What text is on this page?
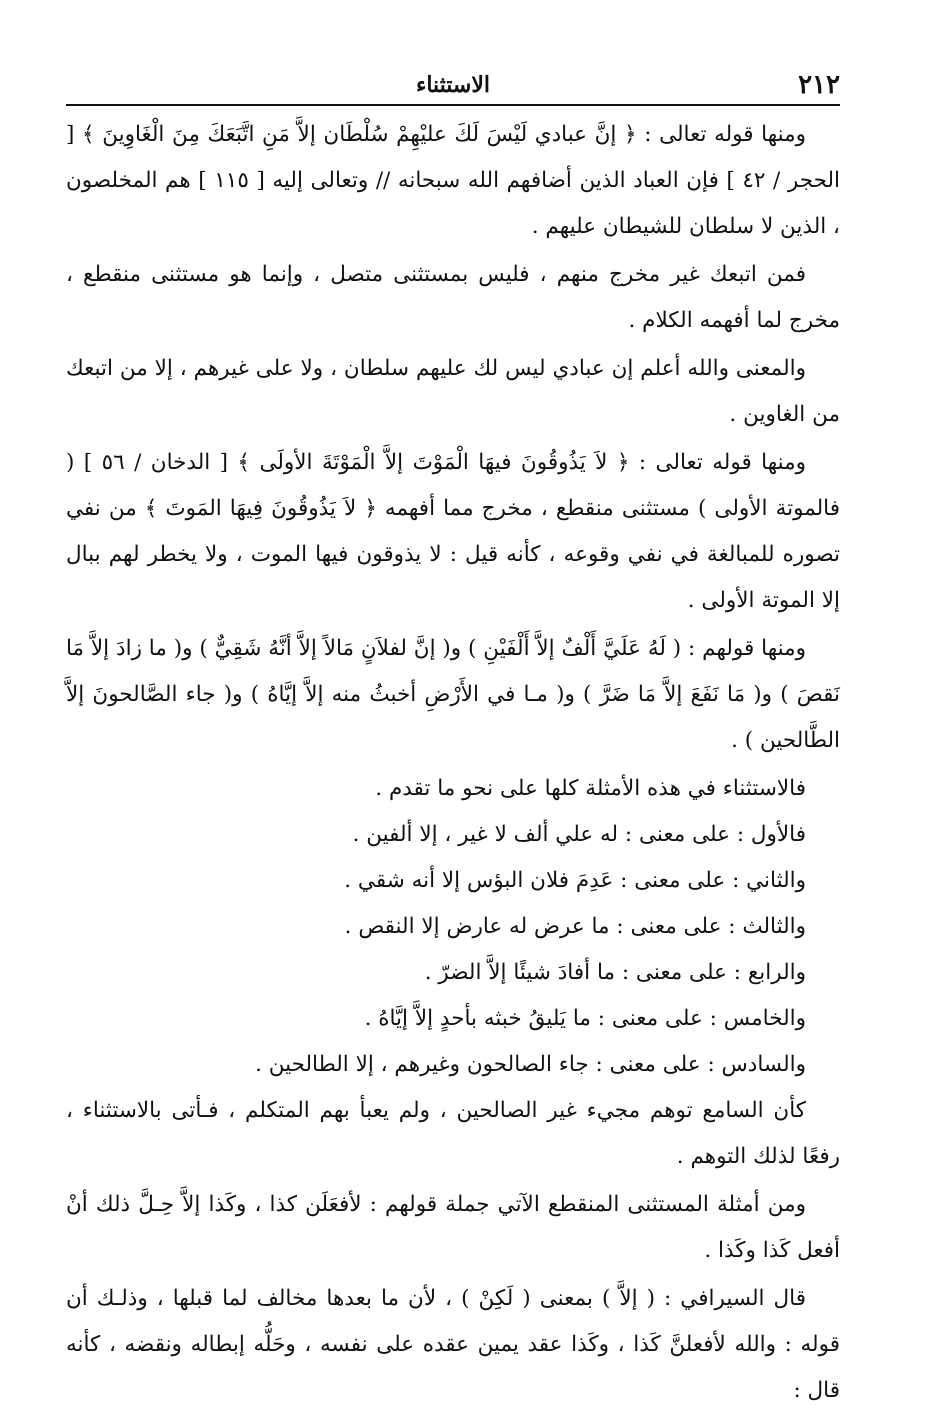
٢١٢
الاستثناء

ومنها قوله تعالى : ﴿ إنَّ عبادي لَيْسَ لَكَ عليْهِمْ سُلْطَان إلاَّ مَنِ اتَّبَعَكَ مِنَ الْغَاوِينَ ﴾ [ الحجر / ٤٢ ] فإن العباد الذين أضافهم الله سبحانه // وتعالى إليه [ ١١٥ ] هم المخلصون ، الذين لا سلطان للشيطان عليهم .

فمن اتبعك غير مخرج منهم ، فليس بمستثنى متصل ، وإنما هو مستثنى منقطع ، مخرج لما أفهمه الكلام .

والمعنى والله أعلم إن عبادي ليس لك عليهم سلطان ، ولا على غيرهم ، إلا من اتبعك من الغاوين .

ومنها قوله تعالى : ﴿ لاَ يَذُوقُونَ فيهَا الْمَوْتَ إلاَّ الْمَوْتَةَ الأولَى ﴾ [ الدخان / ٥٦ ] ( فالموتة الأولى ) مستثنى منقطع ، مخرج مما أفهمه ﴿ لاَ يَذُوقُونَ فِيهَا المَوتَ ﴾ من نفي تصوره للمبالغة في نفي وقوعه ، كأنه قيل : لا يذوقون فيها الموت ، ولا يخطر لهم ببال إلا الموتة الأولى .

ومنها قولهم : ( لَهُ عَلَيَّ أَلْفٌ إلاَّ أَلْفَيْنِ ) و( إنَّ لفلاَنٍ مَالاً إلاَّ أنَّهُ شَقِيٌّ ) و( ما زادَ إلاَّ مَا نَقصَ ) و( مَا نَفَعَ إلاَّ مَا ضَرَّ ) و( مـا في الأَرْضِ أخبثُ منه إلاَّ إيَّاهُ ) و( جاء الصَّالحونَ إلاَّ الطَّالحين ) .

فالاستثناء في هذه الأمثلة كلها على نحو ما تقدم .

فالأول : على معنى : له علي ألف لا غير ، إلا ألفين .

والثاني : على معنى : عَدِمَ فلان البؤس إلا أنه شقي .

والثالث : على معنى : ما عرض له عارض إلا النقص .

والرابع : على معنى : ما أفادَ شيئًا إلاَّ الضرّ .

والخامس : على معنى : ما يَليقُ خبثه بأحدٍ إلاَّ إيَّاهُ .

والسادس : على معنى : جاء الصالحون وغيرهم ، إلا الطالحين .

كأن السامع توهم مجيء غير الصالحين ، ولم يعبأ بهم المتكلم ، فـأتى بالاستثناء ، رفعًا لذلك التوهم .

ومن أمثلة المستثنى المنقطع الآتي جملة قولهم : لأفعَلَن كذا ، وكَذا إلاَّ حِـلَّ ذلك أنْ أفعل كَذا وكَذا .

قال السيرافي : ( إلاَّ ) بمعنى ( لَكِنْ ) ، لأن ما بعدها مخالف لما قبلها ، وذلـك أن قوله : والله لأفعلنَّ كَذا ، وكَذا عقد يمين عقده على نفسه ، وحَلُّه إبطاله ونقضه ، كأنه قال :
